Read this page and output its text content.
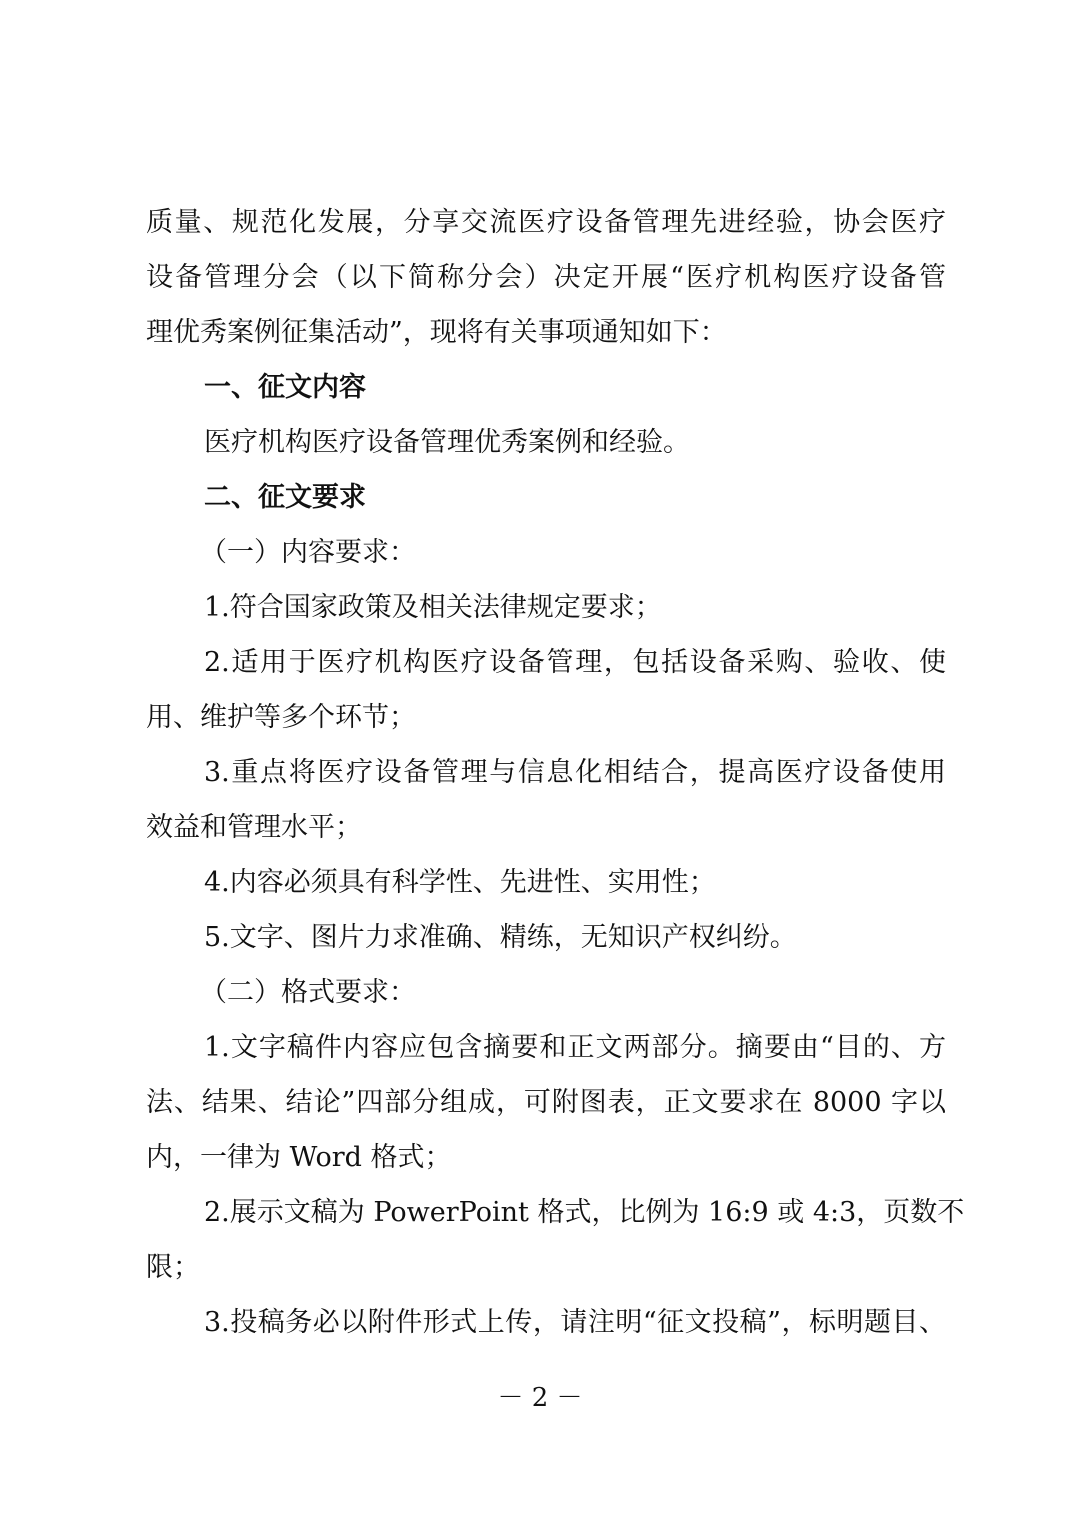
质量、规范化发展，分享交流医疗设备管理先进经验，协会医疗
设备管理分会（以下简称分会）决定开展“医疗机构医疗设备管
理优秀案例征集活动”，现将有关事项通知如下：
一、征文内容
医疗机构医疗设备管理优秀案例和经验。
二、征文要求
（一）内容要求：
1.符合国家政策及相关法律规定要求；
2.适用于医疗机构医疗设备管理，包括设备采购、验收、使
用、维护等多个环节；
3.重点将医疗设备管理与信息化相结合，提高医疗设备使用
效益和管理水平；
4.内容必须具有科学性、先进性、实用性；
5.文字、图片力求准确、精练，无知识产权纠纷。
（二）格式要求：
1.文字稿件内容应包含摘要和正文两部分。摘要由“目的、方
法、结果、结论”四部分组成，可附图表，正文要求在 8000 字以
内，一律为 Word 格式；
2.展示文稿为 PowerPoint 格式，比例为 16:9 或 4:3，页数不
限；
3.投稿务必以附件形式上传，请注明“征文投稿”，标明题目、
－ 2 －
